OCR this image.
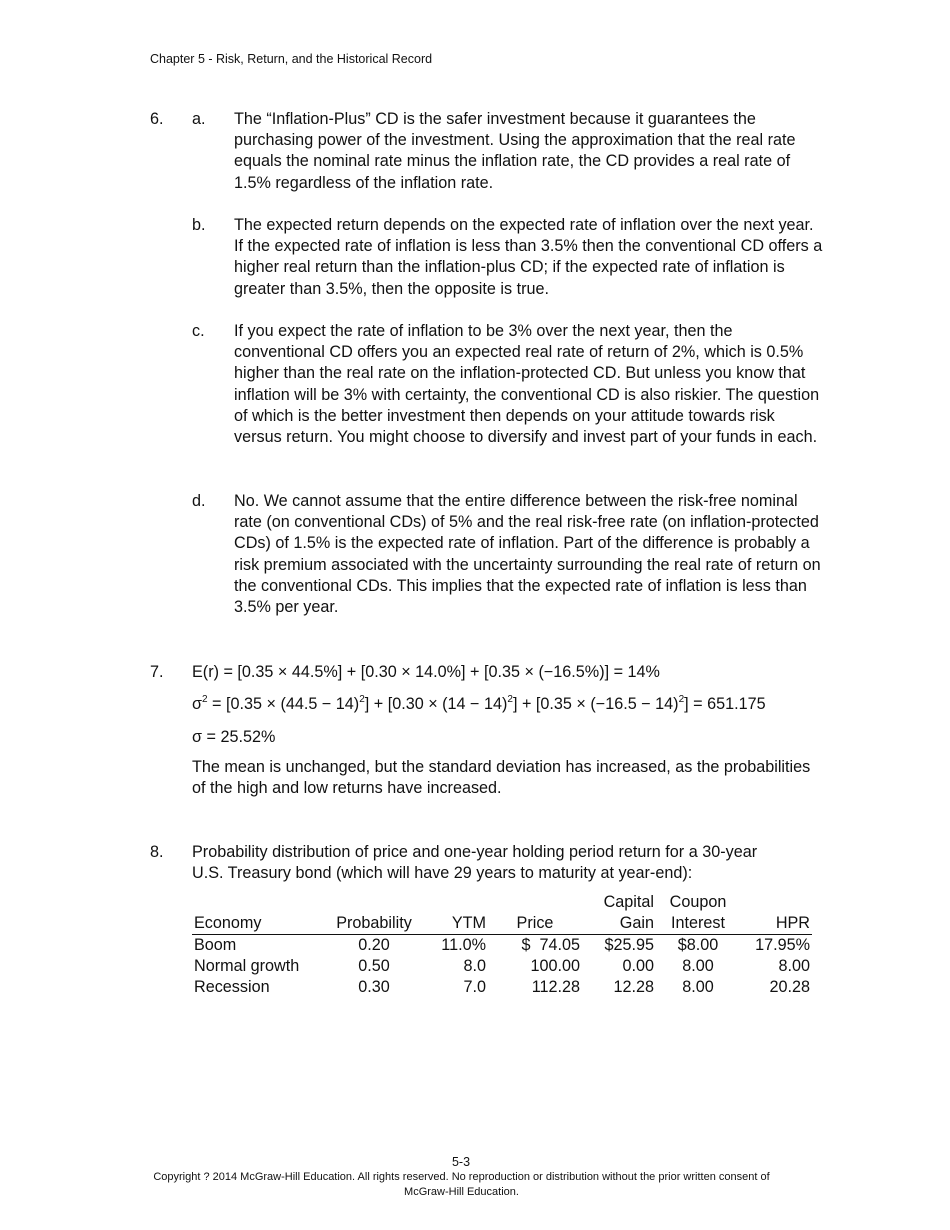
Chapter 5 - Risk, Return, and the Historical Record
6. a. The “Inflation-Plus” CD is the safer investment because it guarantees the purchasing power of the investment. Using the approximation that the real rate equals the nominal rate minus the inflation rate, the CD provides a real rate of 1.5% regardless of the inflation rate.
b. The expected return depends on the expected rate of inflation over the next year. If the expected rate of inflation is less than 3.5% then the conventional CD offers a higher real return than the inflation-plus CD; if the expected rate of inflation is greater than 3.5%, then the opposite is true.
c. If you expect the rate of inflation to be 3% over the next year, then the conventional CD offers you an expected real rate of return of 2%, which is 0.5% higher than the real rate on the inflation-protected CD. But unless you know that inflation will be 3% with certainty, the conventional CD is also riskier. The question of which is the better investment then depends on your attitude towards risk versus return. You might choose to diversify and invest part of your funds in each.
d. No. We cannot assume that the entire difference between the risk-free nominal rate (on conventional CDs) of 5% and the real risk-free rate (on inflation-protected CDs) of 1.5% is the expected rate of inflation. Part of the difference is probably a risk premium associated with the uncertainty surrounding the real rate of return on the conventional CDs. This implies that the expected rate of inflation is less than 3.5% per year.
7. E(r) = [0.35 × 44.5%] + [0.30 × 14.0%] + [0.35 × (−16.5%)] = 14%
$\sigma^2 = [0.35 \times (44.5 - 14)^2] + [0.30 \times (14 - 14)^2] + [0.35 \times (-16.5 - 14)^2] = 651.175$
σ = 25.52%
The mean is unchanged, but the standard deviation has increased, as the probabilities of the high and low returns have increased.
8. Probability distribution of price and one-year holding period return for a 30-year U.S. Treasury bond (which will have 29 years to maturity at year-end):
				Capital	Coupon	
Economy	Probability	YTM	Price	Gain	Interest	HPR
Boom	0.20	11.0%	$  74.05	$25.95	$8.00	17.95%
Normal growth	0.50	8.0	100.00	0.00	8.00	8.00
Recession	0.30	7.0	112.28	12.28	8.00	20.28
5-3
Copyright ? 2014 McGraw-Hill Education. All rights reserved. No reproduction or distribution without the prior written consent of McGraw-Hill Education.
